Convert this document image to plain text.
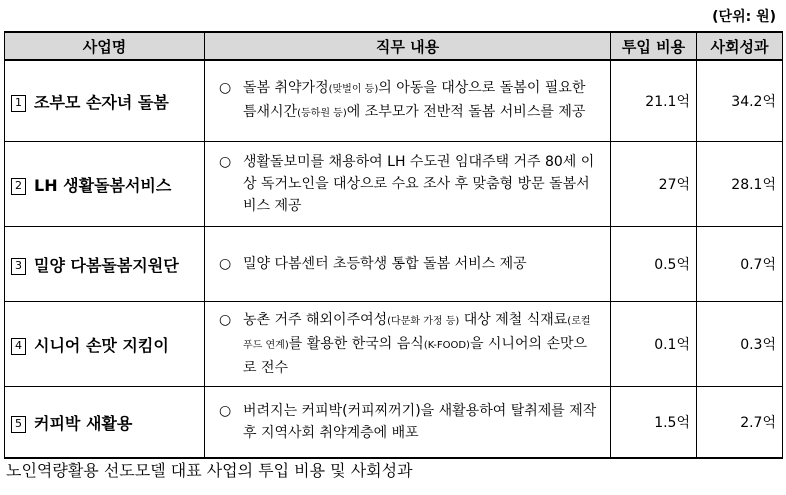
(단위: 원)
사업명	직무 내용	투입 비용	사회성과
1 조부모 손자녀 돌봄	○ 돌봄 취약가정(맞벌이 등)의 아동을 대상으로 돌봄이 필요한 틈새시간(등하원 등)에 조부모가 전반적 돌봄 서비스를 제공	21.1억	34.2억
2 LH 생활돌봄서비스	○ 생활돌보미를 채용하여 LH 수도권 임대주택 거주 80세 이상 독거노인을 대상으로 수요 조사 후 맞춤형 방문 돌봄서비스 제공	27억	28.1억
3 밀양 다봄돌봄지원단	○ 밀양 다봄센터 초등학생 통합 돌봄 서비스 제공	0.5억	0.7억
4 시니어 손맛 지킴이	○ 농촌 거주 해외이주여성(다문화 가정 등) 대상 제철 식재료(로컬 푸드 연계)를 활용한 한국의 음식(K-FOOD)을 시니어의 손맛으로 전수	0.1억	0.3억
5 커피박 새활용	○ 버려지는 커피박(커피찌꺼기)을 새활용하여 탈취제를 제작 후 지역사회 취약계층에 배포	1.5억	2.7억
노인역량활용 선도모델 대표 사업의 투입 비용 및 사회성과
